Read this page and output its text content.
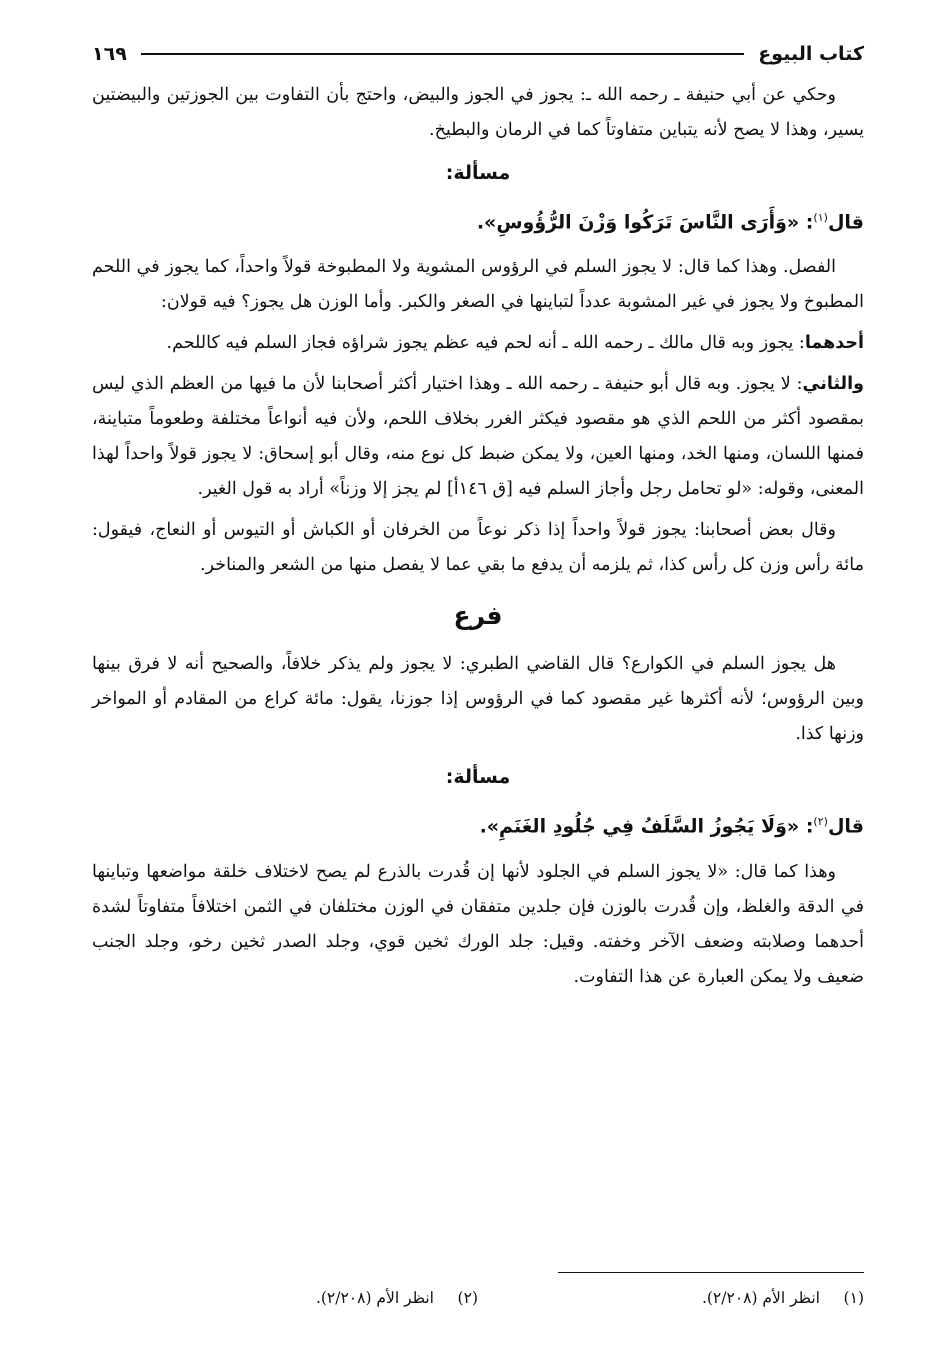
كتاب البيوع
١٦٩

وحكي عن أبي حنيفة ـ رحمه الله ـ: يجوز في الجوز والبيض، واحتج بأن التفاوت بين الجوزتين والبيضتين يسير، وهذا لا يصح لأنه يتباين متفاوتاً كما في الرمان والبطيخ.

مسألة:

قال$^{(١)}$: «وَأَرَى النَّاسَ تَرَكُوا وَزْنَ الرُّؤُوسِ».

الفصل. وهذا كما قال: لا يجوز السلم في الرؤوس المشوية ولا المطبوخة قولاً واحداً، كما يجوز في اللحم المطبوخ ولا يجوز في غير المشوبة عدداً لتباينها في الصغر والكبر. وأما الوزن هل يجوز؟ فيه قولان:

أحدهما: يجوز وبه قال مالك ـ رحمه الله ـ أنه لحم فيه عظم يجوز شراؤه فجاز السلم فيه كاللحم.

والثاني: لا يجوز. وبه قال أبو حنيفة ـ رحمه الله ـ وهذا اختيار أكثر أصحابنا لأن ما فيها من العظم الذي ليس بمقصود أكثر من اللحم الذي هو مقصود فيكثر الغرر بخلاف اللحم، ولأن فيه أنواعاً مختلفة وطعوماً متباينة، فمنها اللسان، ومنها الخد، ومنها العين، ولا يمكن ضبط كل نوع منه، وقال أبو إسحاق: لا يجوز قولاً واحداً لهذا المعنى، وقوله: «لو تحامل رجل وأجاز السلم فيه [ق ١٤٦أ] لم يجز إلا وزناً» أراد به قول الغير.

وقال بعض أصحابنا: يجوز قولاً واحداً إذا ذكر نوعاً من الخرفان أو الكباش أو التيوس أو النعاج، فيقول: مائة رأس وزن كل رأس كذا، ثم يلزمه أن يدفع ما بقي عما لا يفصل منها من الشعر والمناخر.

فرع

هل يجوز السلم في الكوارع؟ قال القاضي الطبري: لا يجوز ولم يذكر خلافاً، والصحيح أنه لا فرق بينها وبين الرؤوس؛ لأنه أكثرها غير مقصود كما في الرؤوس إذا جوزنا، يقول: مائة كراع من المقادم أو المواخر وزنها كذا.

مسألة:

قال$^{(٢)}$: «وَلَا يَجُوزُ السَّلَفُ فِي جُلُودِ الغَنَمِ».

وهذا كما قال: «لا يجوز السلم في الجلود لأنها إن قُدرت بالذرع لم يصح لاختلاف خلقة مواضعها وتباينها في الدقة والغلظ، وإن قُدرت بالوزن فإن جلدين متفقان في الوزن مختلفان في الثمن اختلافاً متفاوتاً لشدة أحدهما وصلابته وضعف الآخر وخفته. وقيل: جلد الورك ثخين قوي، وجلد الصدر ثخين رخو، وجلد الجنب ضعيف ولا يمكن العبارة عن هذا التفاوت.

(١)
انظر الأم (٢/٢٠٨).
(٢)
انظر الأم (٢/٢٠٨).
